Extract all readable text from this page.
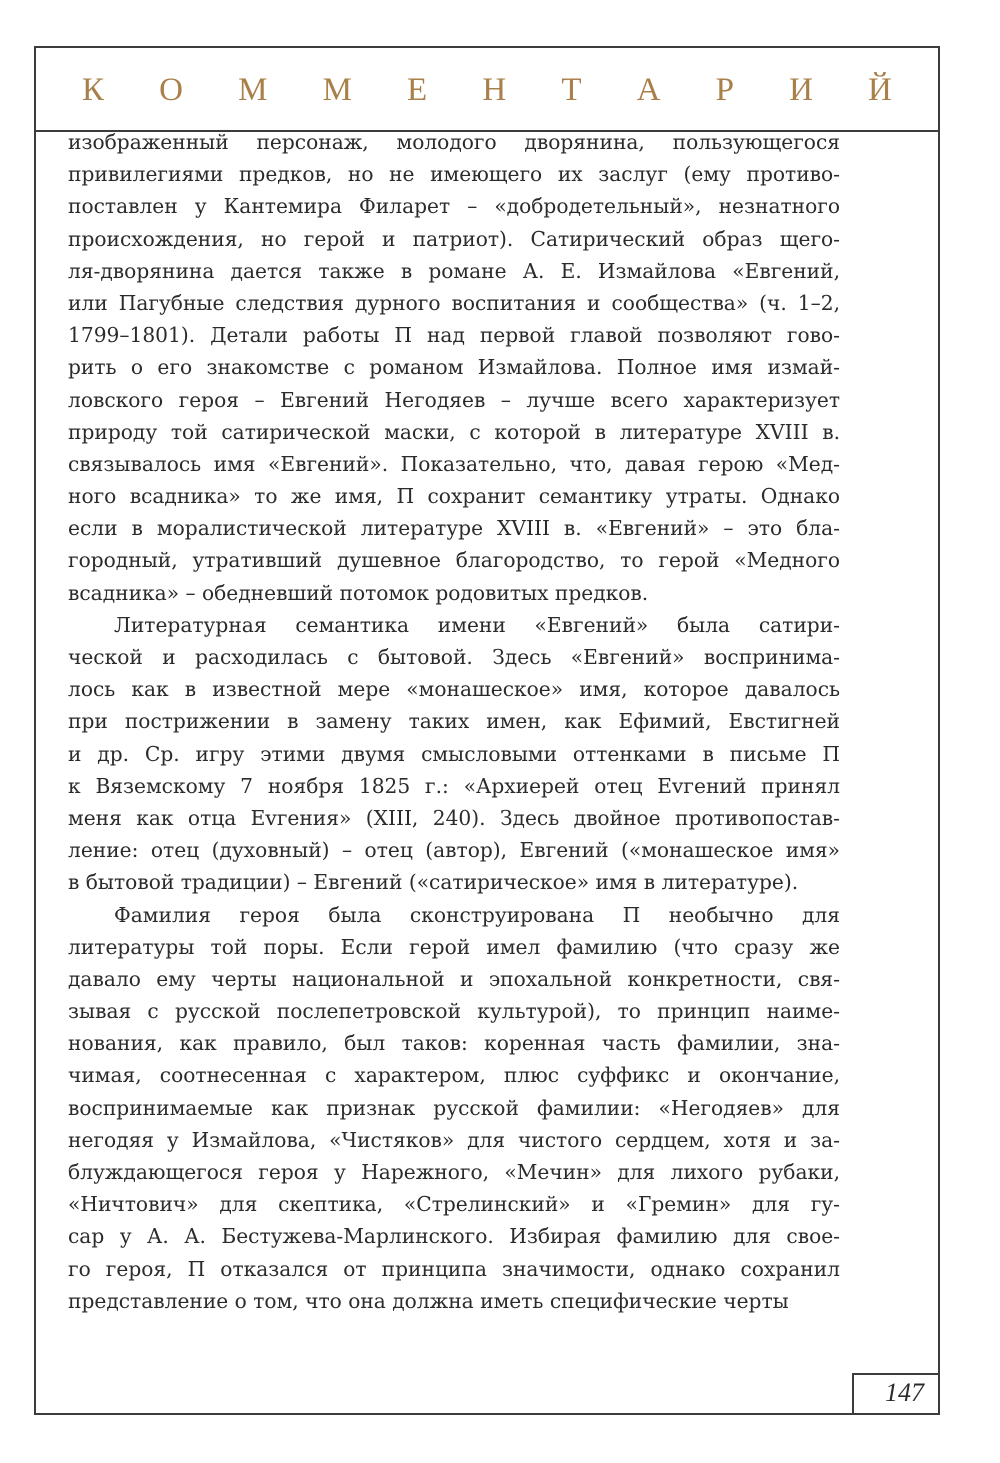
К О М М Е Н Т А Р И Й
147
изображенный персонаж, молодого дворянина, пользующегося
привилегиями предков, но не имеющего их заслуг (ему противо-
поставлен у Кантемира Филарет – «добродетельный», незнатного
происхождения, но герой и патриот). Сатирический образ щего-
ля-дворянина дается также в романе А. Е. Измайлова «Евгений,
или Пагубные следствия дурного воспитания и сообщества» (ч. 1–2,
1799–1801). Детали работы П над первой главой позволяют гово-
рить о его знакомстве с романом Измайлова. Полное имя измай-
ловского героя – Евгений Негодяев – лучше всего характеризует
природу той сатирической маски, с которой в литературе XVIII в.
связывалось имя «Евгений». Показательно, что, давая герою «Мед-
ного всадника» то же имя, П сохранит семантику утраты. Однако
если в моралистической литературе XVIII в. «Евгений» – это бла-
городный, утративший душевное благородство, то герой «Медного
всадника» – обедневший потомок родовитых предков.
Литературная семантика имени «Евгений» была сатири-
ческой и расходилась с бытовой. Здесь «Евгений» воспринима-
лось как в известной мере «монашеское» имя, которое давалось
при пострижении в замену таких имен, как Ефимий, Евстигней
и др. Ср. игру этими двумя смысловыми оттенками в письме П
к Вяземскому 7 ноября 1825 г.: «Архиерей отец Evгений принял
меня как отца Evгения» (XIII, 240). Здесь двойное противопостав-
ление: отец (духовный) – отец (автор), Евгений («монашеское имя»
в бытовой традиции) – Евгений («сатирическое» имя в литературе).
Фамилия героя была сконструирована П необычно для
литературы той поры. Если герой имел фамилию (что сразу же
давало ему черты национальной и эпохальной конкретности, свя-
зывая с русской послепетровской культурой), то принцип наиме-
нования, как правило, был таков: коренная часть фамилии, зна-
чимая, соотнесенная с характером, плюс суффикс и окончание,
воспринимаемые как признак русской фамилии: «Негодяев» для
негодяя у Измайлова, «Чистяков» для чистого сердцем, хотя и за-
блуждающегося героя у Нарежного, «Мечин» для лихого рубаки,
«Ничтович» для скептика, «Стрелинский» и «Гремин» для гу-
сар у А. А. Бестужева-Марлинского. Избирая фамилию для свое-
го героя, П отказался от принципа значимости, однако сохранил
представление о том, что она должна иметь специфические черты
